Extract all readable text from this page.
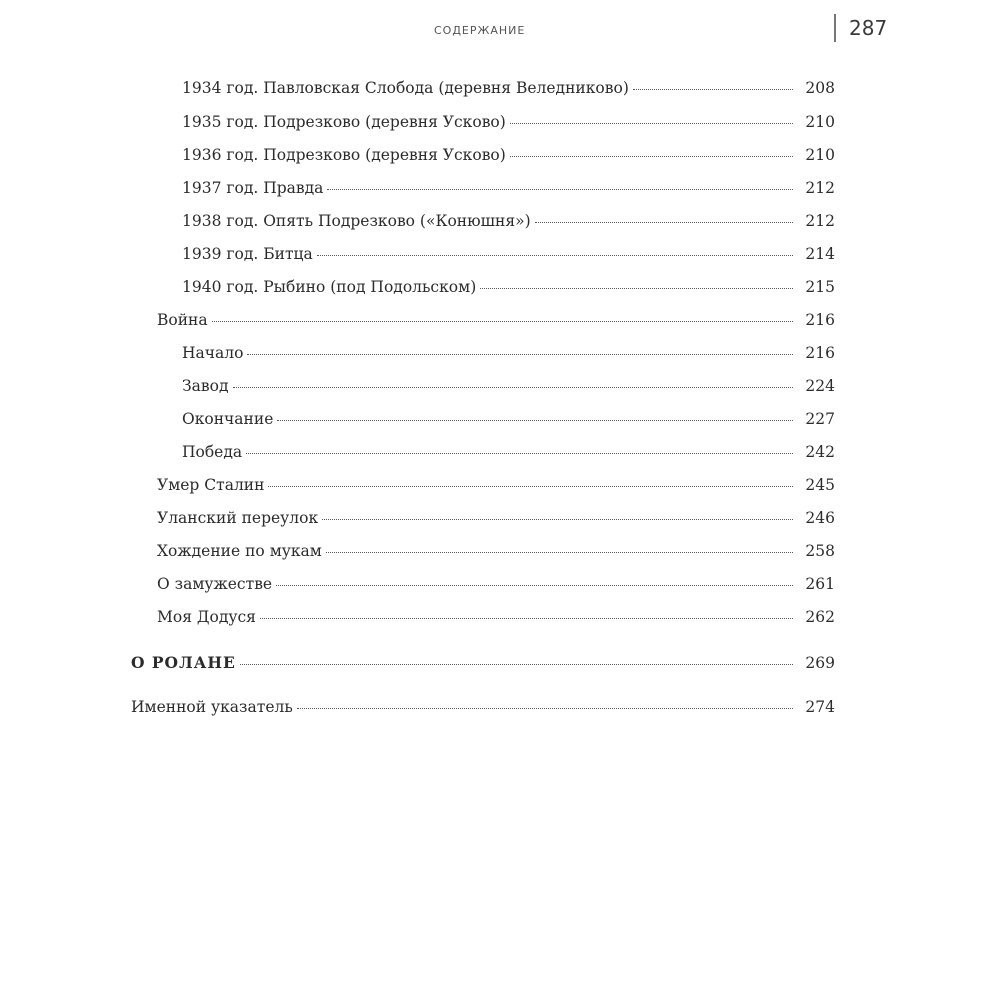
СОДЕРЖАНИЕ	287
1934 год. Павловская Слобода (деревня Веледниково)	208
1935 год. Подрезково (деревня Усково)	210
1936 год. Подрезково (деревня Усково)	210
1937 год. Правда	212
1938 год. Опять Подрезково («Конюшня»)	212
1939 год. Битца	214
1940 год. Рыбино (под Подольском)	215
Война	216
Начало	216
Завод	224
Окончание	227
Победа	242
Умер Сталин	245
Уланский переулок	246
Хождение по мукам	258
О замужестве	261
Моя Додуся	262
О РОЛАНЕ	269
Именной указатель	274
